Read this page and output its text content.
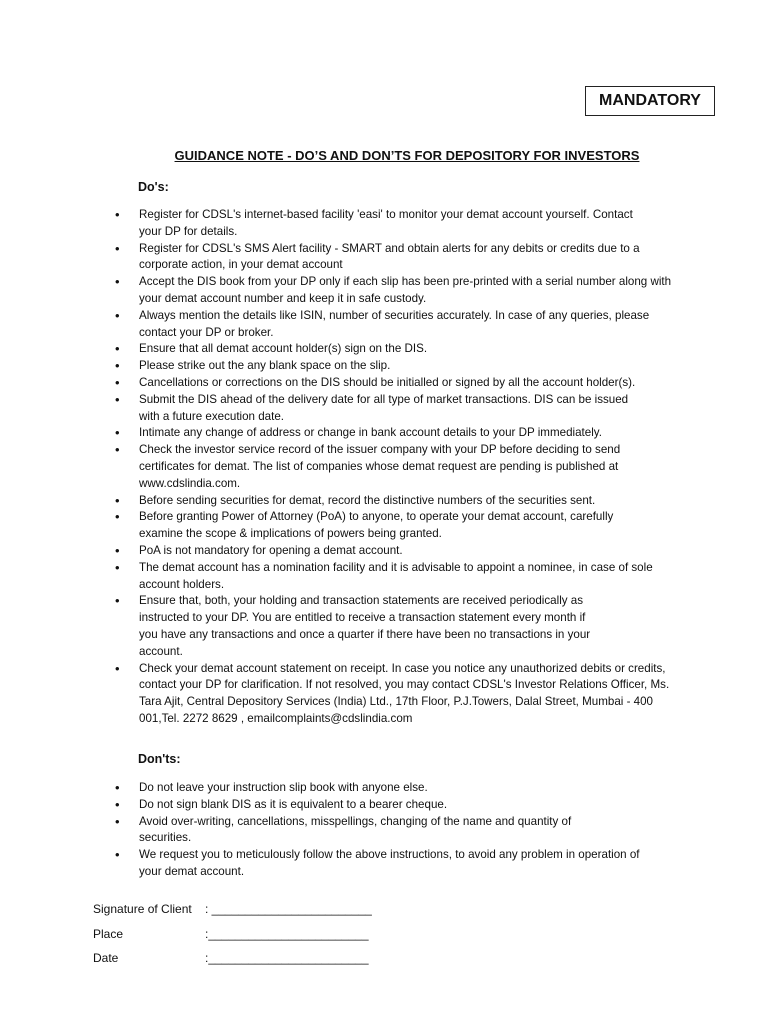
MANDATORY
GUIDANCE NOTE - DO’S AND DON’TS FOR DEPOSITORY FOR INVESTORS
Do's:
• Register for CDSL's internet-based facility 'easi' to monitor your demat account yourself. Contact your DP for details.
• Register for CDSL's SMS Alert facility - SMART and obtain alerts for any debits or credits due to a corporate action, in your demat account
• Accept the DIS book from your DP only if each slip has been pre-printed with a serial number along with your demat account number and keep it in safe custody.
• Always mention the details like ISIN, number of securities accurately. In case of any queries, please contact your DP or broker.
• Ensure that all demat account holder(s) sign on the DIS.
• Please strike out the any blank space on the slip.
• Cancellations or corrections on the DIS should be initialled or signed by all the account holder(s).
• Submit the DIS ahead of the delivery date for all type of market transactions. DIS can be issued with a future execution date.
• Intimate any change of address or change in bank account details to your DP immediately.
• Check the investor service record of the issuer company with your DP before deciding to send certificates for demat. The list of companies whose demat request are pending is published at www.cdslindia.com.
• Before sending securities for demat, record the distinctive numbers of the securities sent.
• Before granting Power of Attorney (PoA) to anyone, to operate your demat account, carefully examine the scope & implications of powers being granted.
• PoA is not mandatory for opening a demat account.
• The demat account has a nomination facility and it is advisable to appoint a nominee, in case of sole account holders.
• Ensure that, both, your holding and transaction statements are received periodically as instructed to your DP. You are entitled to receive a transaction statement every month if you have any transactions and once a quarter if there have been no transactions in your account.
• Check your demat account statement on receipt. In case you notice any unauthorized debits or credits, contact your DP for clarification. If not resolved, you may contact CDSL's Investor Relations Officer, Ms. Tara Ajit, Central Depository Services (India) Ltd., 17th Floor, P.J.Towers, Dalal Street, Mumbai - 400 001,Tel. 2272 8629 , emailcomplaints@cdslindia.com
Don'ts:
• Do not leave your instruction slip book with anyone else.
• Do not sign blank DIS as it is equivalent to a bearer cheque.
• Avoid over-writing, cancellations, misspellings, changing of the name and quantity of securities.
• We request you to meticulously follow the above instructions, to avoid any problem in operation of your demat account.
Signature of Client : ________________________
Place	:________________________
Date	:________________________
